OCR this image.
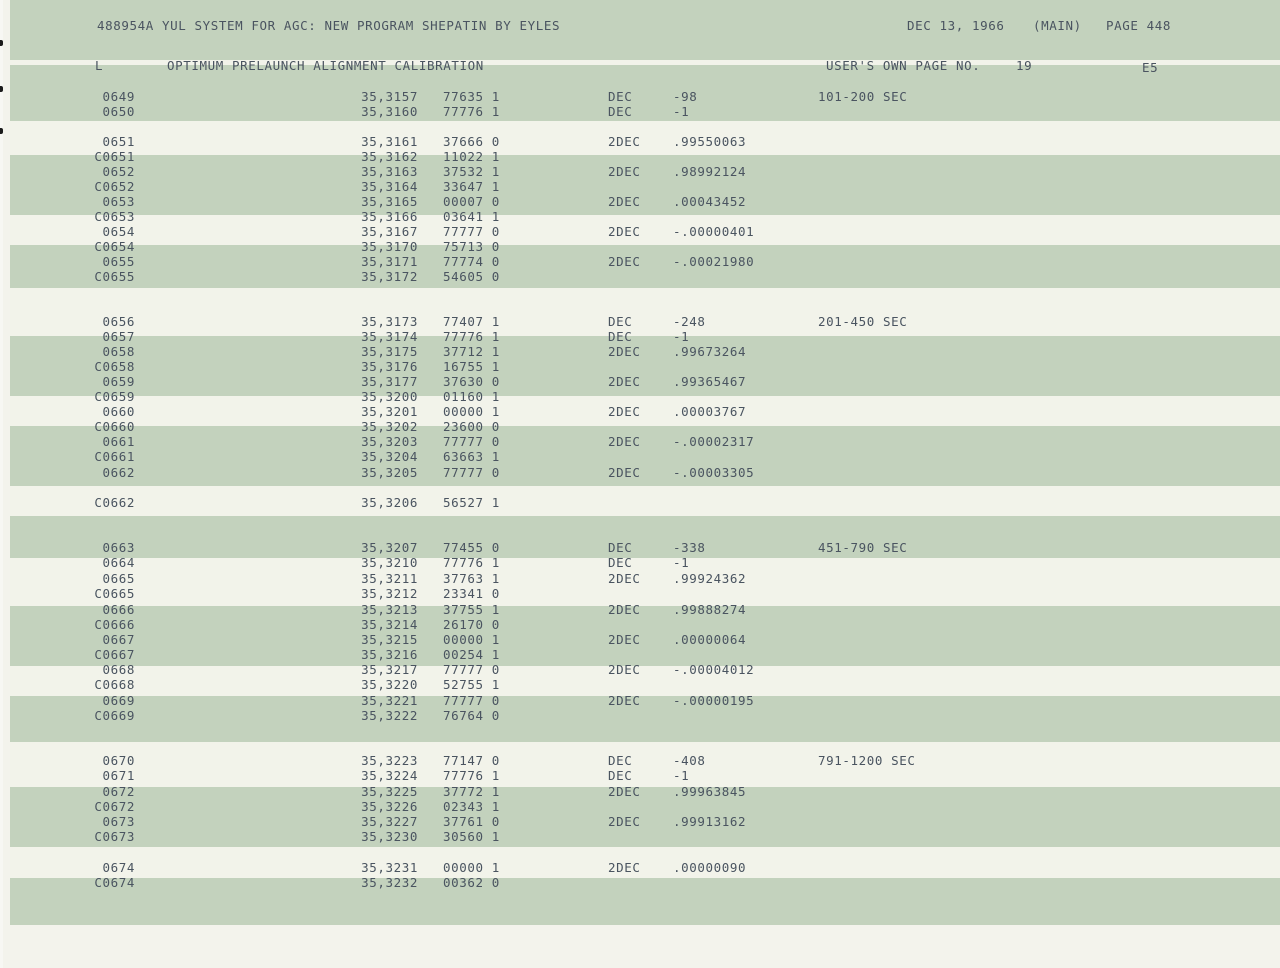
488954A YUL SYSTEM FOR AGC: NEW PROGRAM SHEPATIN BY EYLES	DEC 13, 1966 (MAIN) PAGE 448
L	OPTIMUM PRELAUNCH ALIGNMENT CALIBRATION	USER'S OWN PAGE NO.	19	E5
0649	35,3157 77635 1	DEC	-98	101-200 SEC
0650	35,3160 77776 1	DEC	-1
0651	35,3161 37666 0	2DEC	.99550063
C0651	35,3162 11022 1
0652	35,3163 37532 1	2DEC	.98992124
C0652	35,3164 33647 1
0653	35,3165 00007 0	2DEC	.00043452
C0653	35,3166 03641 1
0654	35,3167 77777 0	2DEC	-.00000401
C0654	35,3170 75713 0
0655	35,3171 77774 0	2DEC	-.00021980
C0655	35,3172 54605 0
0656	35,3173 77407 1	DEC	-248	201-450 SEC
0657	35,3174 77776 1	DEC	-1
0658	35,3175 37712 1	2DEC	.99673264
C0658	35,3176 16755 1
0659	35,3177 37630 0	2DEC	.99365467
C0659	35,3200 01160 1
0660	35,3201 00000 1	2DEC	.00003767
C0660	35,3202 23600 0
0661	35,3203 77777 0	2DEC	-.00002317
C0661	35,3204 63663 1
0662	35,3205 77777 0	2DEC	-.00003305
C0662	35,3206 56527 1
0663	35,3207 77455 0	DEC	-338	451-790 SEC
0664	35,3210 77776 1	DEC	-1
0665	35,3211 37763 1	2DEC	.99924362
C0665	35,3212 23341 0
0666	35,3213 37755 1	2DEC	.99888274
C0666	35,3214 26170 0
0667	35,3215 00000 1	2DEC	.00000064
C0667	35,3216 00254 1
0668	35,3217 77777 0	2DEC	-.00004012
C0668	35,3220 52755 1
0669	35,3221 77777 0	2DEC	-.00000195
C0669	35,3222 76764 0
0670	35,3223 77147 0	DEC	-408	791-1200 SEC
0671	35,3224 77776 1	DEC	-1
0672	35,3225 37772 1	2DEC	.99963845
C0672	35,3226 02343 1
0673	35,3227 37761 0	2DEC	.99913162
C0673	35,3230 30560 1
0674	35,3231 00000 1	2DEC	.00000090
C0674	35,3232 00362 0
